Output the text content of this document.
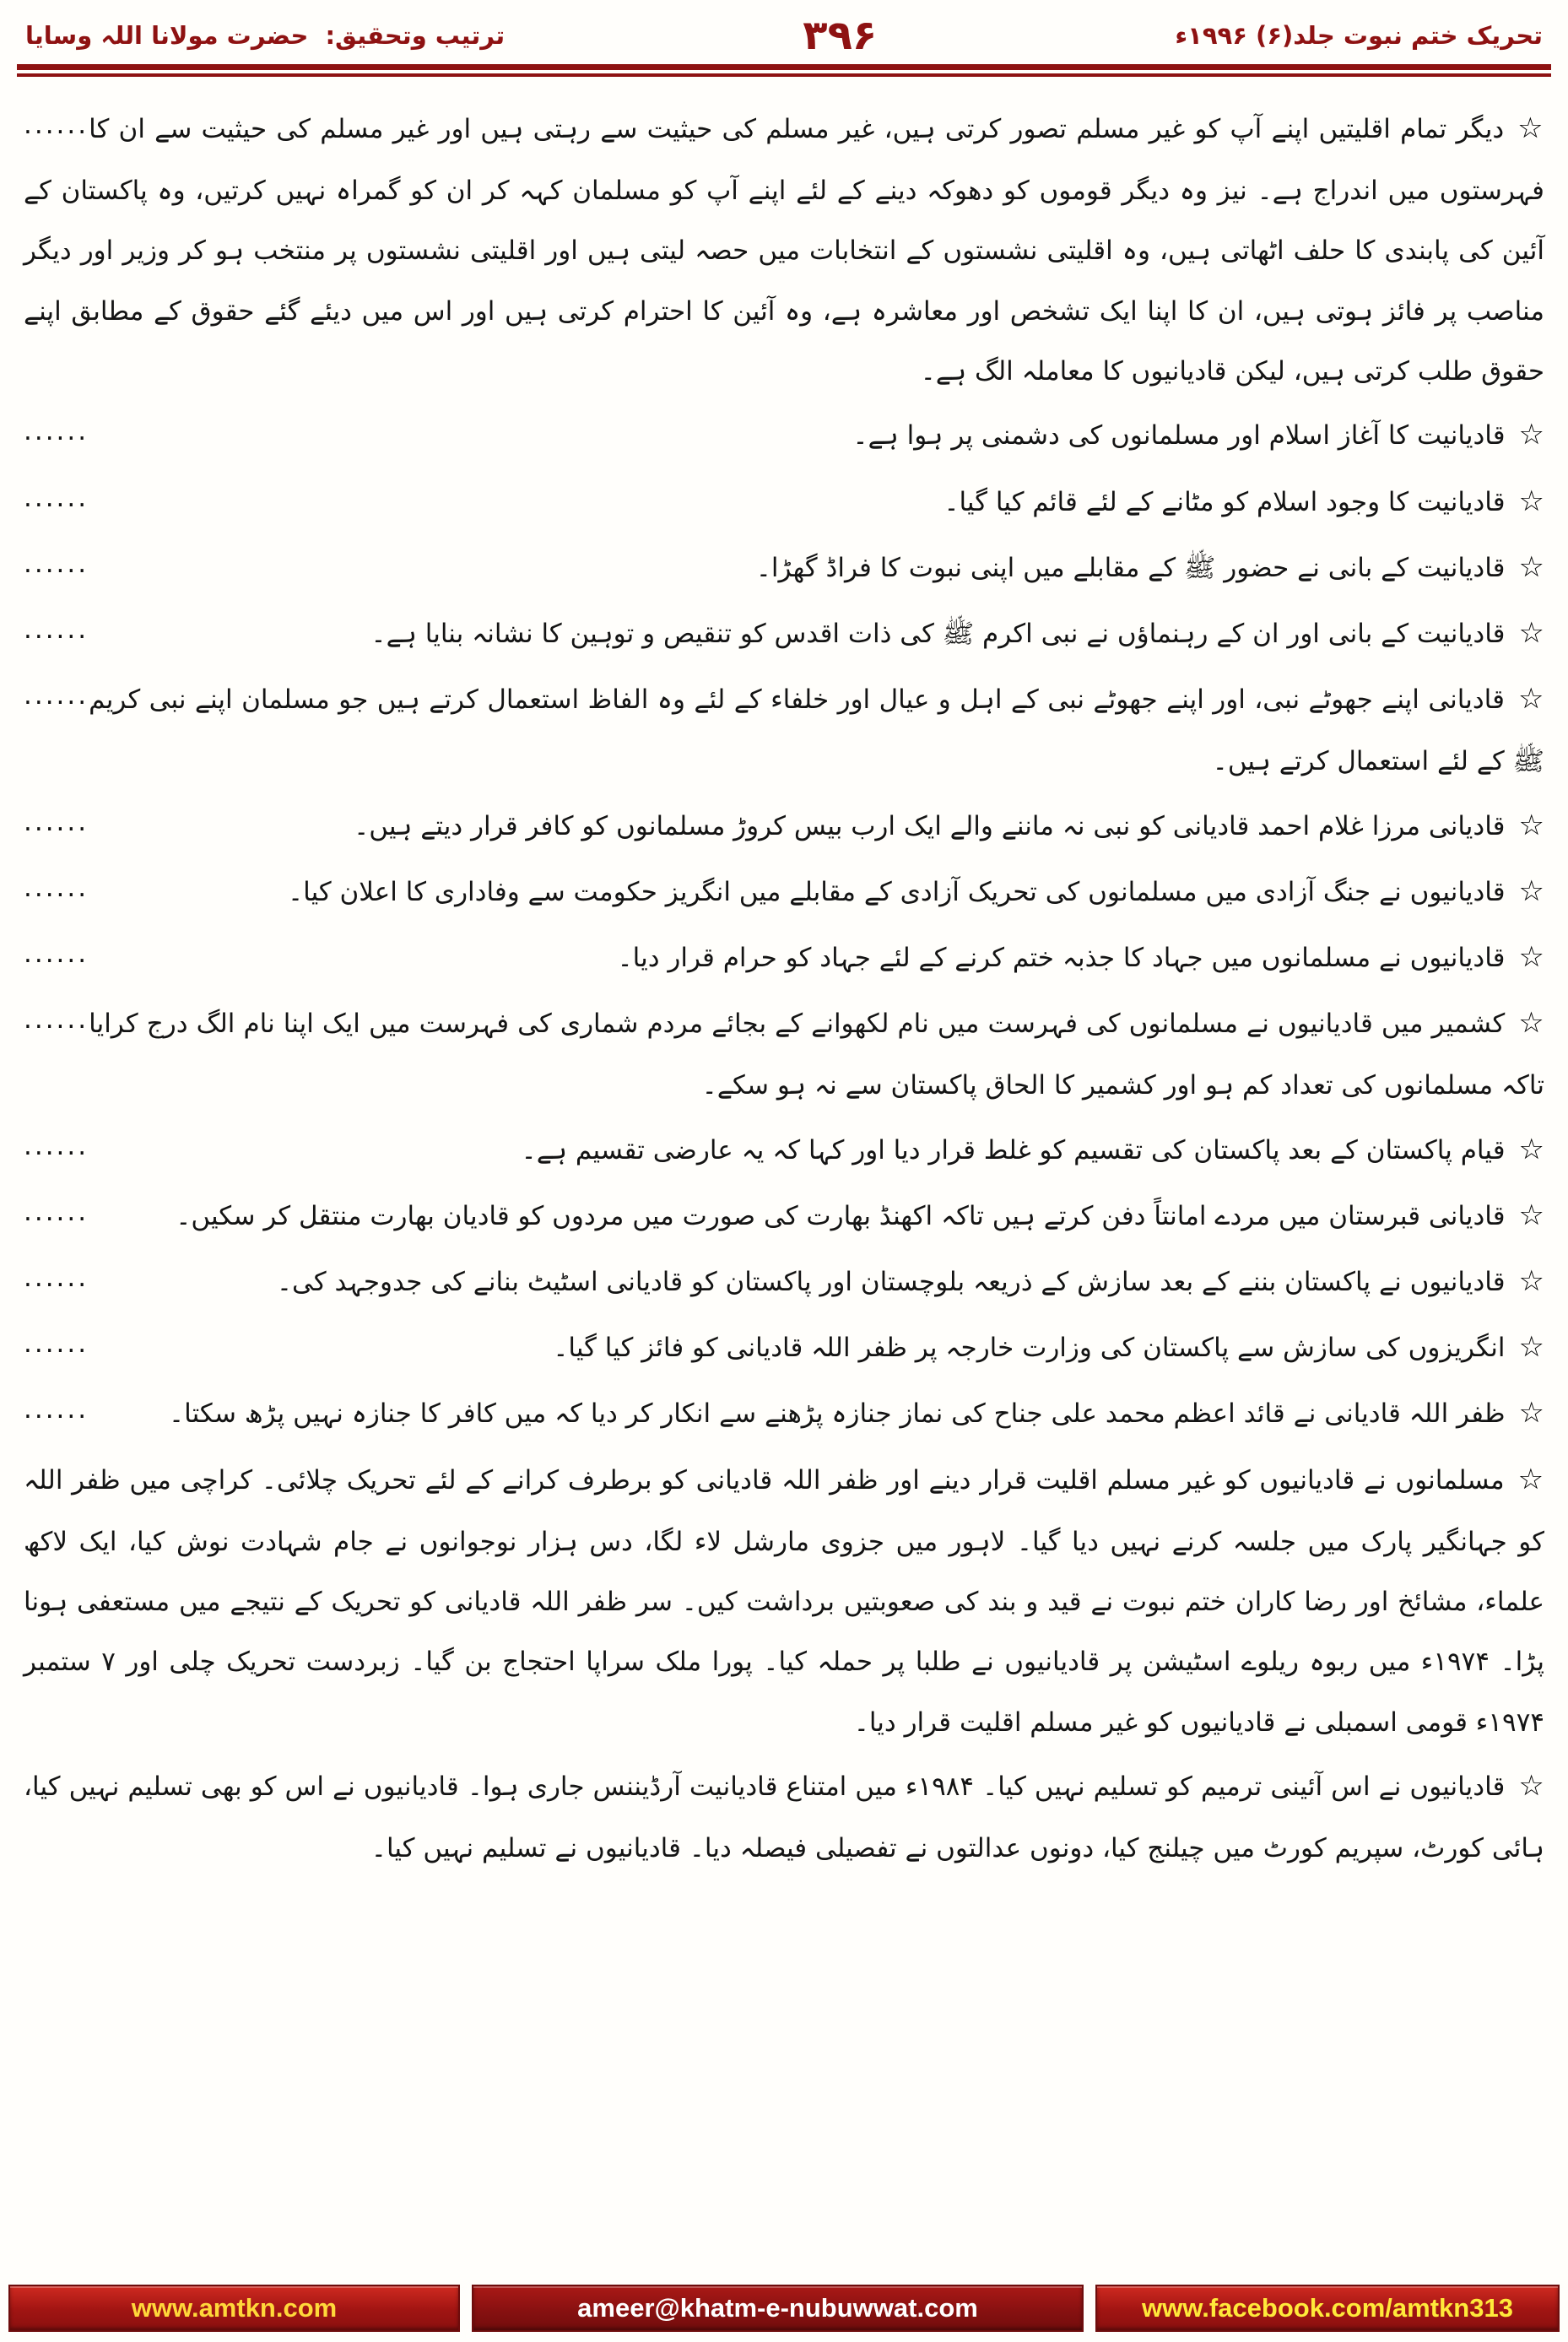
تحریک ختم نبوت جلد(۶) ۱۹۹۶ء
۳۹۶
ترتیب وتحقیق: حضرت مولانا اللہ وسایا
......	☆دیگر تمام اقلیتیں اپنے آپ کو غیر مسلم تصور کرتی ہیں، غیر مسلم کی حیثیت سے رہتی ہیں اور غیر مسلم کی حیثیت سے ان کا فہرستوں میں اندراج ہے۔ نیز وہ دیگر قوموں کو دھوکہ دینے کے لئے اپنے آپ کو مسلمان کہہ کر ان کو گمراہ نہیں کرتیں، وہ پاکستان کے آئین کی پابندی کا حلف اٹھاتی ہیں، وہ اقلیتی نشستوں کے انتخابات میں حصہ لیتی ہیں اور اقلیتی نشستوں پر منتخب ہو کر وزیر اور دیگر مناصب پر فائز ہوتی ہیں، ان کا اپنا ایک تشخص اور معاشرہ ہے، وہ آئین کا احترام کرتی ہیں اور اس میں دیئے گئے حقوق کے مطابق اپنے حقوق طلب کرتی ہیں، لیکن قادیانیوں کا معاملہ الگ ہے۔
......	☆قادیانیت کا آغاز اسلام اور مسلمانوں کی دشمنی پر ہوا ہے۔
......	☆قادیانیت کا وجود اسلام کو مٹانے کے لئے قائم کیا گیا۔
......	☆قادیانیت کے بانی نے حضور ﷺ کے مقابلے میں اپنی نبوت کا فراڈ گھڑا۔
......	☆قادیانیت کے بانی اور ان کے رہنماؤں نے نبی اکرم ﷺ کی ذات اقدس کو تنقیص و توہین کا نشانہ بنایا ہے۔
......	☆قادیانی اپنے جھوٹے نبی، اور اپنے جھوٹے نبی کے اہل و عیال اور خلفاء کے لئے وہ الفاظ استعمال کرتے ہیں جو مسلمان اپنے نبی کریم ﷺ کے لئے استعمال کرتے ہیں۔
......	☆قادیانی مرزا غلام احمد قادیانی کو نبی نہ ماننے والے ایک ارب بیس کروڑ مسلمانوں کو کافر قرار دیتے ہیں۔
......	☆قادیانیوں نے جنگ آزادی میں مسلمانوں کی تحریک آزادی کے مقابلے میں انگریز حکومت سے وفاداری کا اعلان کیا۔
......	☆قادیانیوں نے مسلمانوں میں جہاد کا جذبہ ختم کرنے کے لئے جہاد کو حرام قرار دیا۔
......	☆کشمیر میں قادیانیوں نے مسلمانوں کی فہرست میں نام لکھوانے کے بجائے مردم شماری کی فہرست میں ایک اپنا نام الگ درج کرایا تاکہ مسلمانوں کی تعداد کم ہو اور کشمیر کا الحاق پاکستان سے نہ ہو سکے۔
......	☆قیام پاکستان کے بعد پاکستان کی تقسیم کو غلط قرار دیا اور کہا کہ یہ عارضی تقسیم ہے۔
......	☆قادیانی قبرستان میں مردے امانتاً دفن کرتے ہیں تاکہ اکھنڈ بھارت کی صورت میں مردوں کو قادیان بھارت منتقل کر سکیں۔
......	☆قادیانیوں نے پاکستان بننے کے بعد سازش کے ذریعہ بلوچستان اور پاکستان کو قادیانی اسٹیٹ بنانے کی جدوجہد کی۔
......	☆انگریزوں کی سازش سے پاکستان کی وزارت خارجہ پر ظفر اللہ قادیانی کو فائز کیا گیا۔
......	☆ظفر اللہ قادیانی نے قائد اعظم محمد علی جناح کی نماز جنازہ پڑھنے سے انکار کر دیا کہ میں کافر کا جنازہ نہیں پڑھ سکتا۔
☆مسلمانوں نے قادیانیوں کو غیر مسلم اقلیت قرار دینے اور ظفر اللہ قادیانی کو برطرف کرانے کے لئے تحریک چلائی۔ کراچی میں ظفر اللہ کو جہانگیر پارک میں جلسہ کرنے نہیں دیا گیا۔ لاہور میں جزوی مارشل لاء لگا، دس ہزار نوجوانوں نے جام شہادت نوش کیا، ایک لاکھ علماء، مشائخ اور رضا کاران ختم نبوت نے قید و بند کی صعوبتیں برداشت کیں۔ سر ظفر اللہ قادیانی کو تحریک کے نتیجے میں مستعفی ہونا پڑا۔ ۱۹۷۴ء میں ربوہ ریلوے اسٹیشن پر قادیانیوں نے طلبا پر حملہ کیا۔ پورا ملک سراپا احتجاج بن گیا۔ زبردست تحریک چلی اور ۷ ستمبر ۱۹۷۴ء قومی اسمبلی نے قادیانیوں کو غیر مسلم اقلیت قرار دیا۔
☆قادیانیوں نے اس آئینی ترمیم کو تسلیم نہیں کیا۔ ۱۹۸۴ء میں امتناع قادیانیت آرڈیننس جاری ہوا۔ قادیانیوں نے اس کو بھی تسلیم نہیں کیا، ہائی کورٹ، سپریم کورٹ میں چیلنج کیا، دونوں عدالتوں نے تفصیلی فیصلہ دیا۔ قادیانیوں نے تسلیم نہیں کیا۔
www.amtkn.com	ameer@khatm-e-nubuwwat.com	www.facebook.com/amtkn313
